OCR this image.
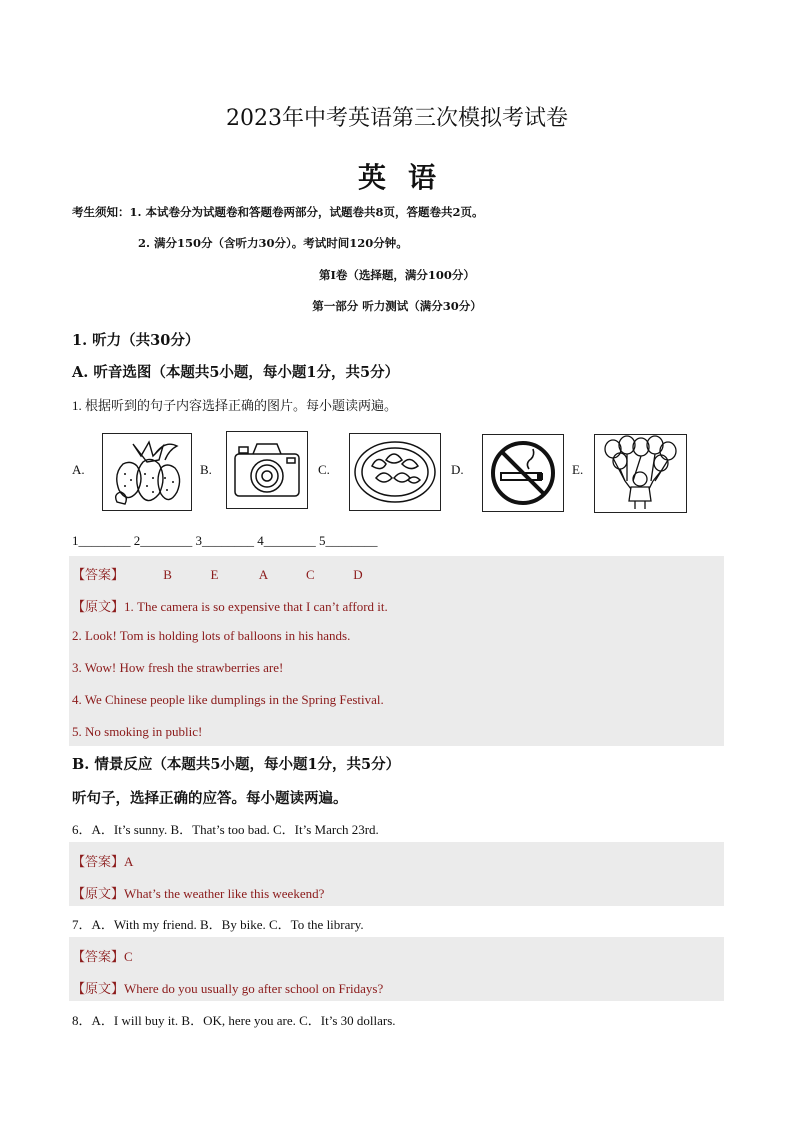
2023年中考英语第三次模拟考试卷
英语
考生须知：1. 本试卷分为试题卷和答题卷两部分，试题卷共8页，答题卷共2页。
2. 满分150分（含听力30分）。考试时间120分钟。
第I卷（选择题，满分100分）
第一部分 听力测试（满分30分）
1. 听力（共30分）
A. 听音选图（本题共5小题，每小题1分，共5分）
1. 根据听到的句子内容选择正确的图片。每小题读两遍。
A.	B.	C.	D.	E.
1________ 2________ 3________ 4________ 5________
【答案】	B	E	A	C	D
【原文】1. The camera is so expensive that I can’t afford it.
2. Look! Tom is holding lots of balloons in his hands.
3. Wow! How fresh the strawberries are!
4. We Chinese people like dumplings in the Spring Festival.
5. No smoking in public!
B. 情景反应（本题共5小题，每小题1分，共5分）
听句子，选择正确的应答。每小题读两遍。
6．A．It’s sunny. B．That’s too bad. C．It’s March 23rd.
【答案】A
【原文】What’s the weather like this weekend?
7．A．With my friend. B．By bike. C．To the library.
【答案】C
【原文】Where do you usually go after school on Fridays?
8．A．I will buy it. B．OK, here you are. C．It’s 30 dollars.
